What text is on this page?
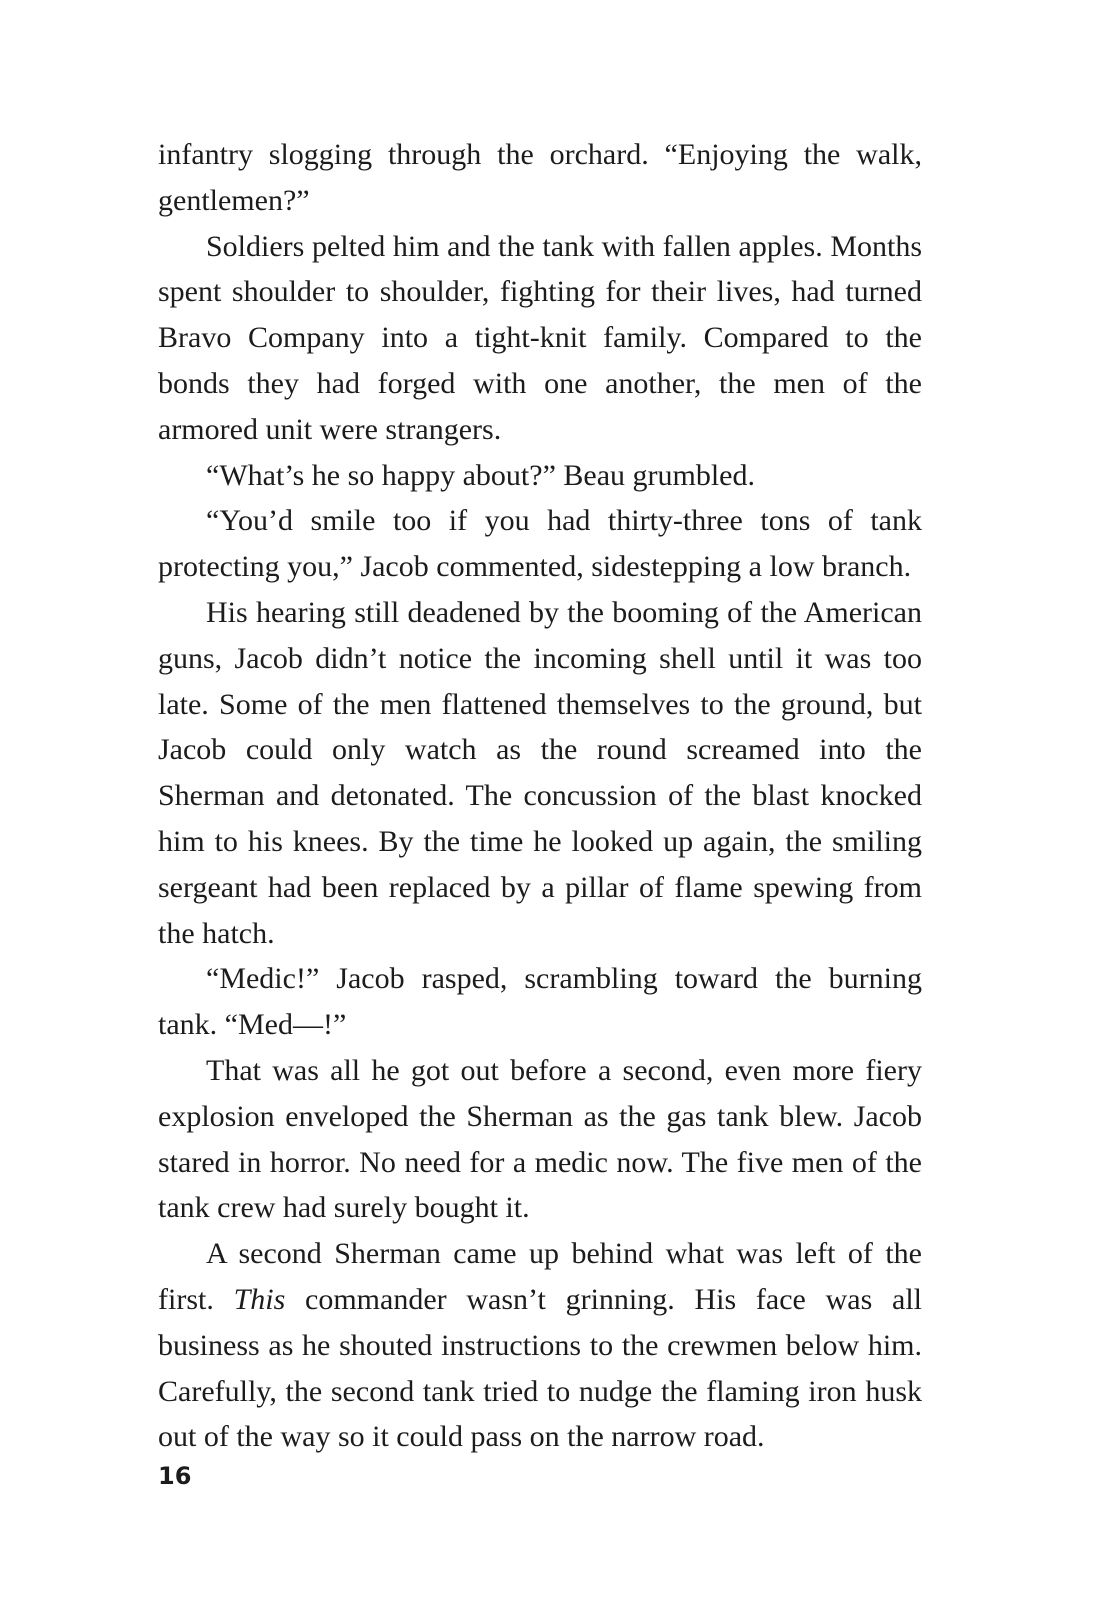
infantry slogging through the orchard. “Enjoying the walk, gentlemen?”

Soldiers pelted him and the tank with fallen apples. Months spent shoulder to shoulder, fighting for their lives, had turned Bravo Company into a tight-knit family. Compared to the bonds they had forged with one another, the men of the armored unit were strangers.

“What’s he so happy about?” Beau grumbled.

“You’d smile too if you had thirty-three tons of tank protecting you,” Jacob commented, sidestepping a low branch.

His hearing still deadened by the booming of the American guns, Jacob didn’t notice the incoming shell until it was too late. Some of the men flattened themselves to the ground, but Jacob could only watch as the round screamed into the Sherman and detonated. The concussion of the blast knocked him to his knees. By the time he looked up again, the smiling sergeant had been replaced by a pillar of flame spewing from the hatch.

“Medic!” Jacob rasped, scrambling toward the burning tank. “Med—!”

That was all he got out before a second, even more fiery explosion enveloped the Sherman as the gas tank blew. Jacob stared in horror. No need for a medic now. The five men of the tank crew had surely bought it.

A second Sherman came up behind what was left of the first. This commander wasn’t grinning. His face was all business as he shouted instructions to the crewmen below him. Carefully, the second tank tried to nudge the flaming iron husk out of the way so it could pass on the narrow road.

16
